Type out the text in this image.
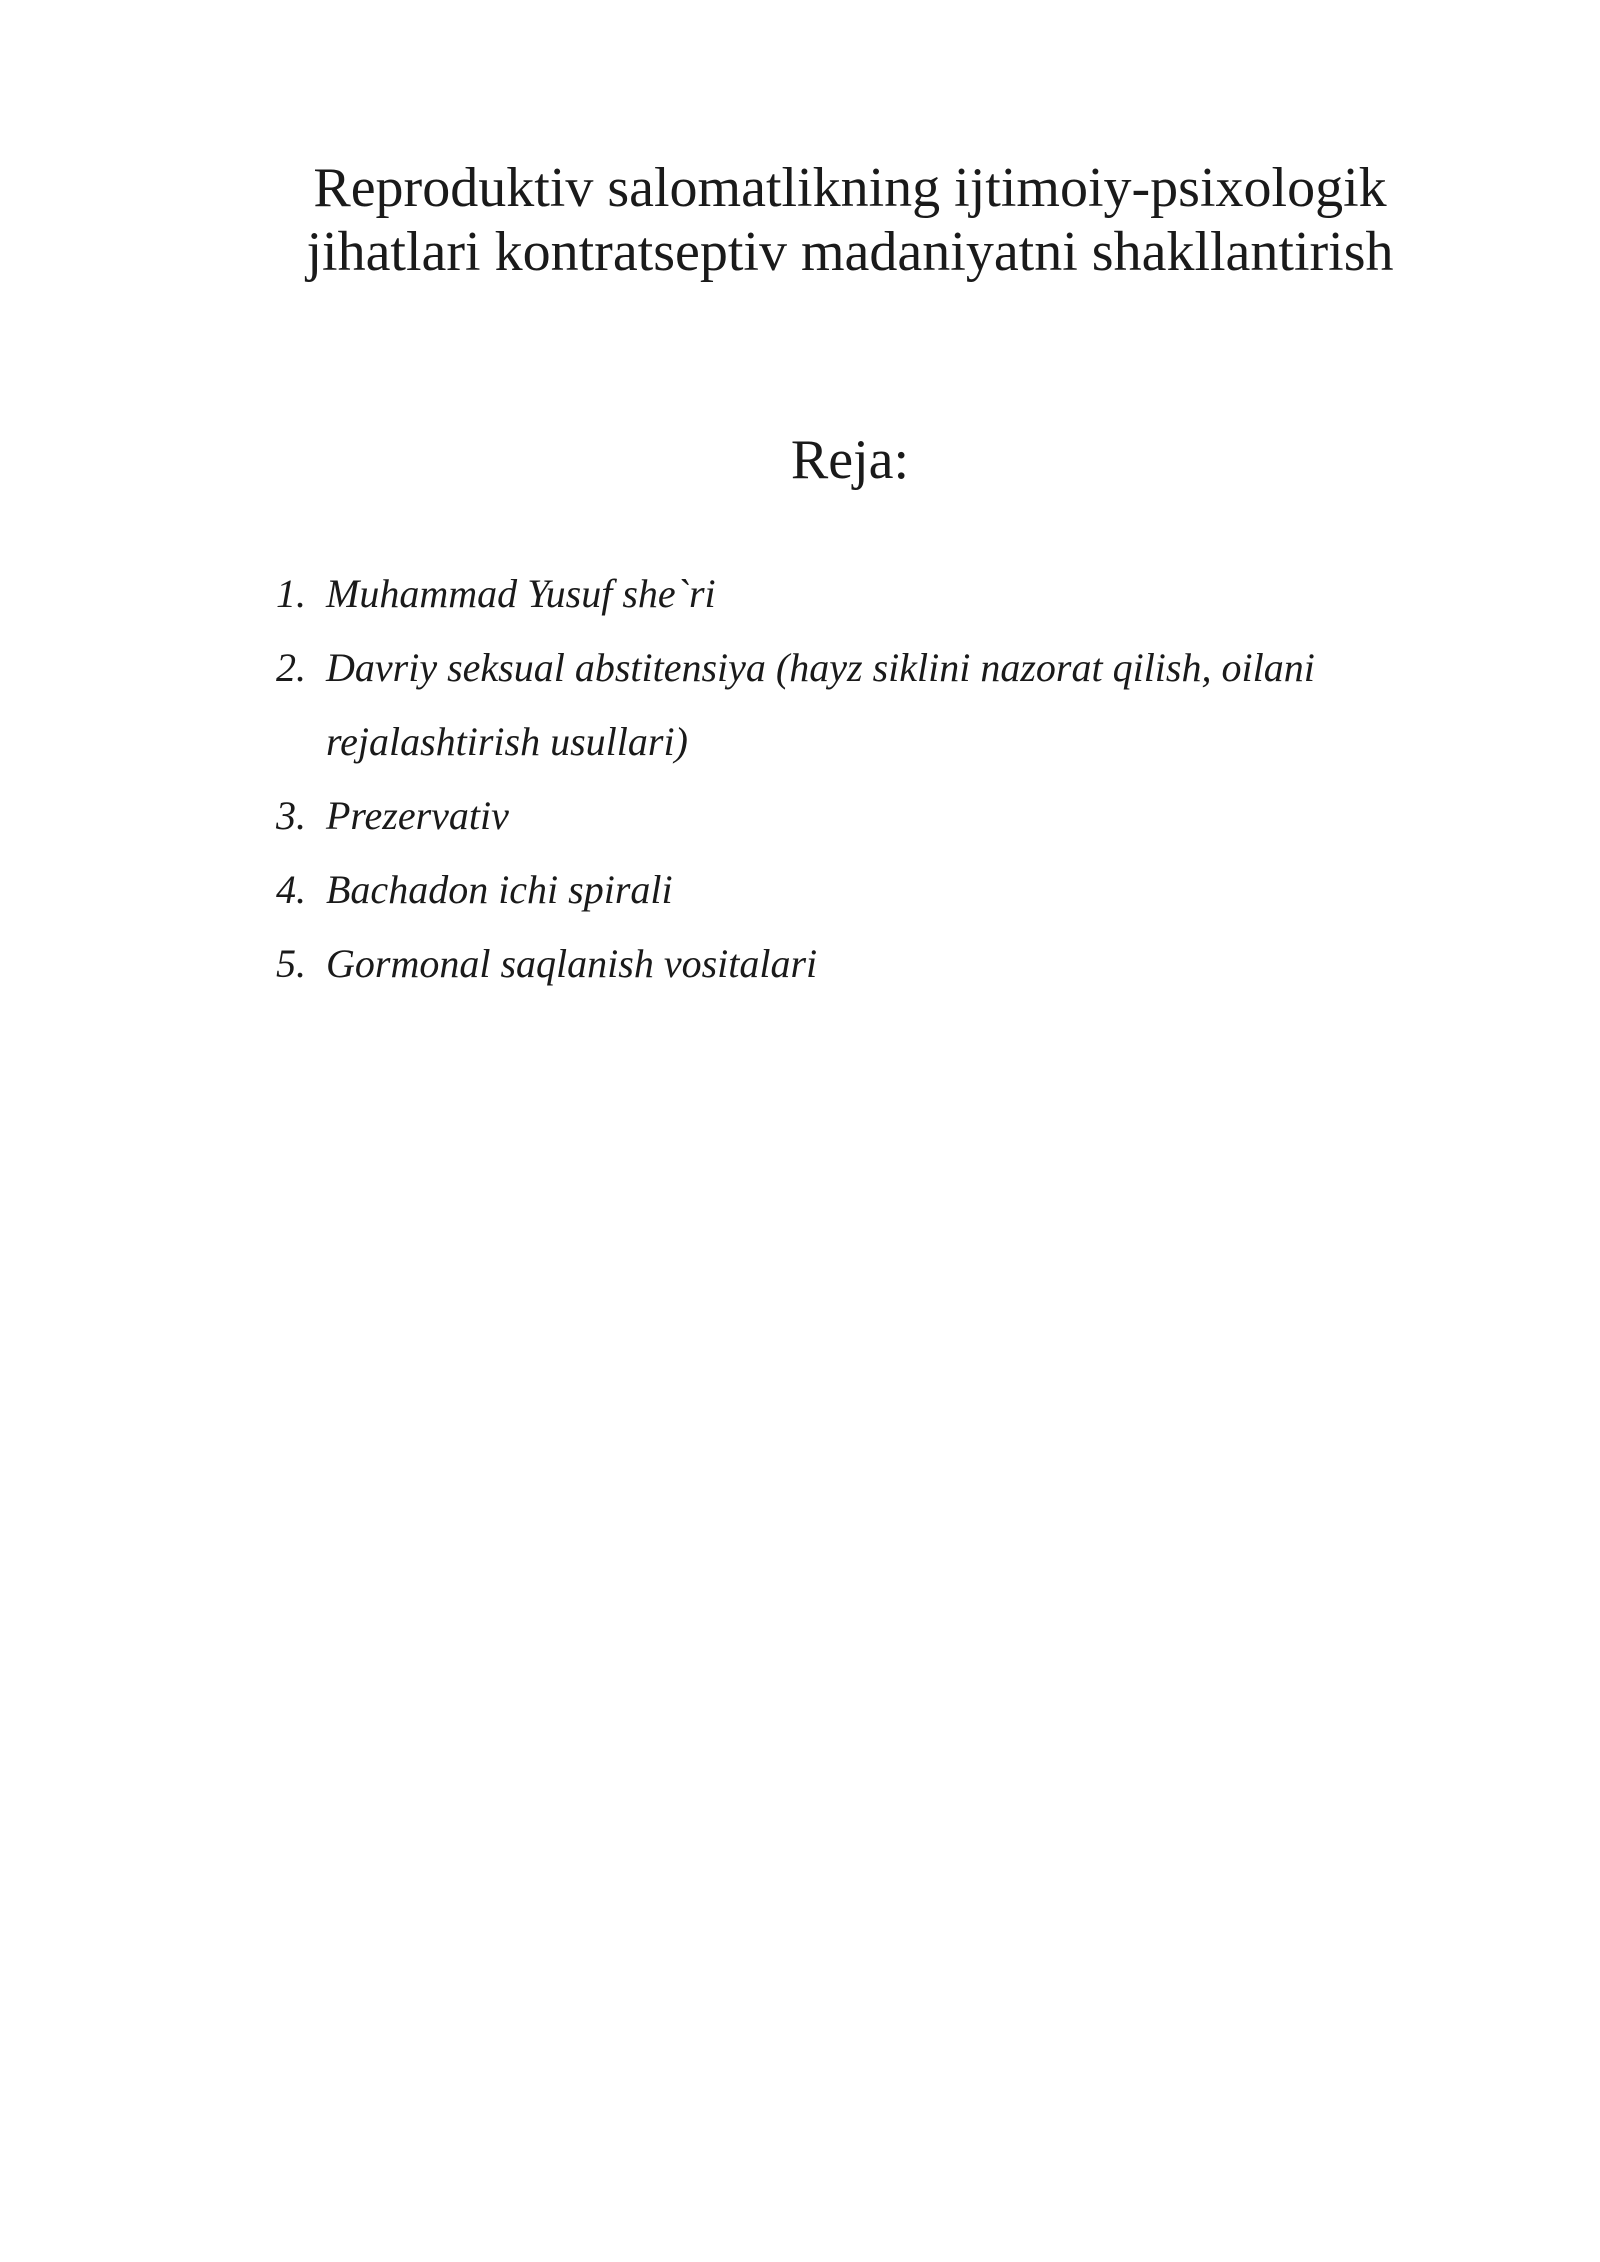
Reproduktiv salomatlikning ijtimoiy-psixologik
jihatlari kontratseptiv madaniyatni shakllantirish
Reja:
1. Muhammad Yusuf she`ri
2. Davriy seksual abstitensiya (hayz siklini nazorat qilish, oilani rejalashtirish usullari)
3. Prezervativ
4. Bachadon ichi spirali
5. Gormonal saqlanish vositalari
